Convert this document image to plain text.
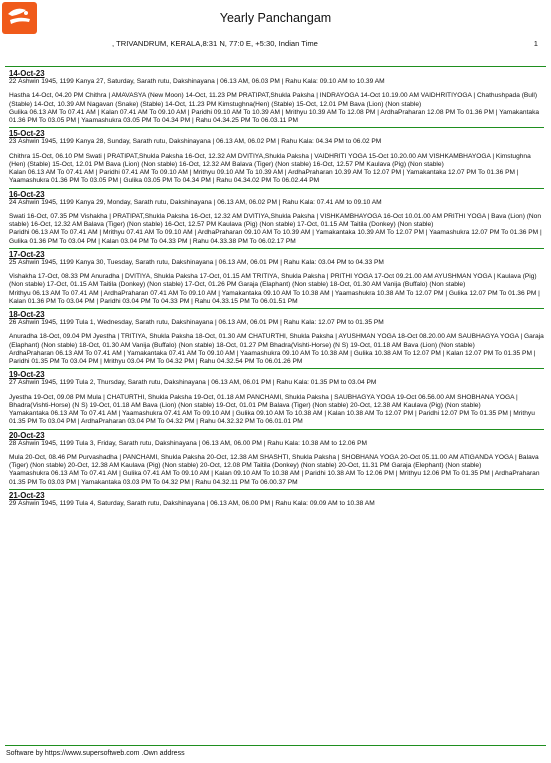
Yearly Panchangam
, TRIVANDRUM, KERALA,8:31 N, 77:0 E, +5:30, Indian Time	1
14-Oct-23
22 Āshwin 1945, 1199 Kanya 27, Saturday, Sarath rutu, Dakshinayana | 06.13 AM, 06.03 PM | Rahu Kala: 09.10 AM to 10.39 AM
Hastha 14-Oct, 04.20 PM Chithra | AMAVASYA (New Moon) 14-Oct, 11.23 PM PRATIPAT,Shukla Paksha | INDRAYOGA 14-Oct 10.19.00 AM VAIDHRITIYOGA | Chathushpada (Bull) (Stable) 14-Oct, 10.39 AM Nagavan (Snake) (Stable) 14-Oct, 11.23 PM Kimstughna(Hen) (Stable) 15-Oct, 12.01 PM Bava (Lion) (Non stable)
Gulika 06.13 AM To 07.41 AM | Kalan 07.41 AM To 09.10 AM | Paridhi 09.10 AM To 10.39 AM | Mrithyu 10.39 AM To 12.08 PM | ArdhaPraharan 12.08 PM To 01.36 PM | Yamakantaka 01.36 PM To 03.05 PM | Yaamashukra 03.05 PM To 04.34 PM | Rahu 04.34.25 PM To 06.03.11 PM
15-Oct-23
23 Āshwin 1945, 1199 Kanya 28, Sunday, Sarath rutu, Dakshinayana | 06.13 AM, 06.02 PM | Rahu Kala: 04.34 PM to 06.02 PM
Chithra 15-Oct, 06.10 PM Swati | PRATIPAT,Shukla Paksha 16-Oct, 12.32 AM DVITIYA,Shukla Paksha | VAIDHRITI YOGA 15-Oct 10.20.00 AM VISHKAMBHAYOGA | Kimstughna (Hen) (Stable) 15-Oct, 12.01 PM Bava (Lion) (Non stable) 16-Oct, 12.32 AM Balava (Tiger) (Non stable) 16-Oct, 12.57 PM Kaulava (Pig) (Non stable)
Kalan 06.13 AM To 07.41 AM | Paridhi 07.41 AM To 09.10 AM | Mrithyu 09.10 AM To 10.39 AM | ArdhaPraharan 10.39 AM To 12.07 PM | Yamakantaka 12.07 PM To 01.36 PM | Yaamashukra 01.36 PM To 03.05 PM | Gulika 03.05 PM To 04.34 PM | Rahu 04.34.02 PM To 06.02.44 PM
16-Oct-23
24 Āshwin 1945, 1199 Kanya 29, Monday, Sarath rutu, Dakshinayana | 06.13 AM, 06.02 PM | Rahu Kala: 07.41 AM to 09.10 AM
Swati 16-Oct, 07.35 PM Vishakha | PRATIPAT,Shukla Paksha 16-Oct, 12.32 AM DVITIYA,Shukla Paksha | VISHKAMBHAYOGA 16-Oct 10.01.00 AM PRITHI YOGA | Bava (Lion) (Non stable) 16-Oct, 12.32 AM Balava (Tiger) (Non stable) 16-Oct, 12.57 PM Kaulava (Pig) (Non stable) 17-Oct, 01.15 AM Taitila (Donkey) (Non stable)
Paridhi 06.13 AM To 07.41 AM | Mrithyu 07.41 AM To 09.10 AM | ArdhaPraharan 09.10 AM To 10.39 AM | Yamakantaka 10.39 AM To 12.07 PM | Yaamashukra 12.07 PM To 01.36 PM | Gulika 01.36 PM To 03.04 PM | Kalan 03.04 PM To 04.33 PM | Rahu 04.33.38 PM To 06.02.17 PM
17-Oct-23
25 Āshwin 1945, 1199 Kanya 30, Tuesday, Sarath rutu, Dakshinayana | 06.13 AM, 06.01 PM | Rahu Kala: 03.04 PM to 04.33 PM
Vishakha 17-Oct, 08.33 PM Anuradha | DVITIYA, Shukla Paksha 17-Oct, 01.15 AM TRITIYA, Shukla Paksha | PRITHI YOGA 17-Oct 09.21.00 AM AYUSHMAN YOGA | Kaulava (Pig) (Non stable) 17-Oct, 01.15 AM Taitila (Donkey) (Non stable) 17-Oct, 01.26 PM Garaja (Elaphant) (Non stable) 18-Oct, 01.30 AM Vanija (Buffalo) (Non stable)
Mrithyu 06.13 AM To 07.41 AM | ArdhaPraharan 07.41 AM To 09.10 AM | Yamakantaka 09.10 AM To 10.38 AM | Yaamashukra 10.38 AM To 12.07 PM | Gulika 12.07 PM To 01.36 PM | Kalan 01.36 PM To 03.04 PM | Paridhi 03.04 PM To 04.33 PM | Rahu 04.33.15 PM To 06.01.51 PM
18-Oct-23
26 Āshwin 1945, 1199 Tula 1, Wednesday, Sarath rutu, Dakshinayana | 06.13 AM, 06.01 PM | Rahu Kala: 12.07 PM to 01.35 PM
Anuradha 18-Oct, 09.04 PM Jyestha | TRITIYA, Shukla Paksha 18-Oct, 01.30 AM CHATURTHI, Shukla Paksha | AYUSHMAN YOGA 18-Oct 08.20.00 AM SAUBHAGYA YOGA | Garaja (Elaphant) (Non stable) 18-Oct, 01.30 AM Vanija (Buffalo) (Non stable) 18-Oct, 01.27 PM Bhadra(Vishti-Horse) (N S) 19-Oct, 01.18 AM Bava (Lion) (Non stable)
ArdhaPraharan 06.13 AM To 07.41 AM | Yamakantaka 07.41 AM To 09.10 AM | Yaamashukra 09.10 AM To 10.38 AM | Gulika 10.38 AM To 12.07 PM | Kalan 12.07 PM To 01.35 PM | Paridhi 01.35 PM To 03.04 PM | Mrithyu 03.04 PM To 04.32 PM | Rahu 04.32.54 PM To 06.01.26 PM
19-Oct-23
27 Āshwin 1945, 1199 Tula 2, Thursday, Sarath rutu, Dakshinayana | 06.13 AM, 06.01 PM | Rahu Kala: 01.35 PM to 03.04 PM
Jyestha 19-Oct, 09.08 PM Mula | CHATURTHI, Shukla Paksha 19-Oct, 01.18 AM PANCHAMI, Shukla Paksha | SAUBHAGYA YOGA 19-Oct 06.56.00 AM SHOBHANA YOGA | Bhadra(Vishti-Horse) (N S) 19-Oct, 01.18 AM Bava (Lion) (Non stable) 19-Oct, 01.01 PM Balava (Tiger) (Non stable) 20-Oct, 12.38 AM Kaulava (Pig) (Non stable)
Yamakantaka 06.13 AM To 07.41 AM | Yaamashukra 07.41 AM To 09.10 AM | Gulika 09.10 AM To 10.38 AM | Kalan 10.38 AM To 12.07 PM | Paridhi 12.07 PM To 01.35 PM | Mrithyu 01.35 PM To 03.04 PM | ArdhaPraharan 03.04 PM To 04.32 PM | Rahu 04.32.32 PM To 06.01.01 PM
20-Oct-23
28 Āshwin 1945, 1199 Tula 3, Friday, Sarath rutu, Dakshinayana | 06.13 AM, 06.00 PM | Rahu Kala: 10.38 AM to 12.06 PM
Mula 20-Oct, 08.46 PM Purvashadha | PANCHAMI, Shukla Paksha 20-Oct, 12.38 AM SHASHTI, Shukla Paksha | SHOBHANA YOGA 20-Oct 05.11.00 AM ATIGANDA YOGA | Balava (Tiger) (Non stable) 20-Oct, 12.38 AM Kaulava (Pig) (Non stable) 20-Oct, 12.08 PM Taitila (Donkey) (Non stable) 20-Oct, 11.31 PM Garaja (Elephant) (Non stable)
Yaamashukra 06.13 AM To 07.41 AM | Gulika 07.41 AM To 09.10 AM | Kalan 09.10 AM To 10.38 AM | Paridhi 10.38 AM To 12.06 PM | Mrithyu 12.06 PM To 01.35 PM | ArdhaPraharan 01.35 PM To 03.03 PM | Yamakantaka 03.03 PM To 04.32 PM | Rahu 04.32.11 PM To 06.00.37 PM
21-Oct-23
29 Āshwin 1945, 1199 Tula 4, Saturday, Sarath rutu, Dakshinayana | 06.13 AM, 06.00 PM | Rahu Kala: 09.09 AM to 10.38 AM
Software by https://www.supersoftweb.com .Own address
